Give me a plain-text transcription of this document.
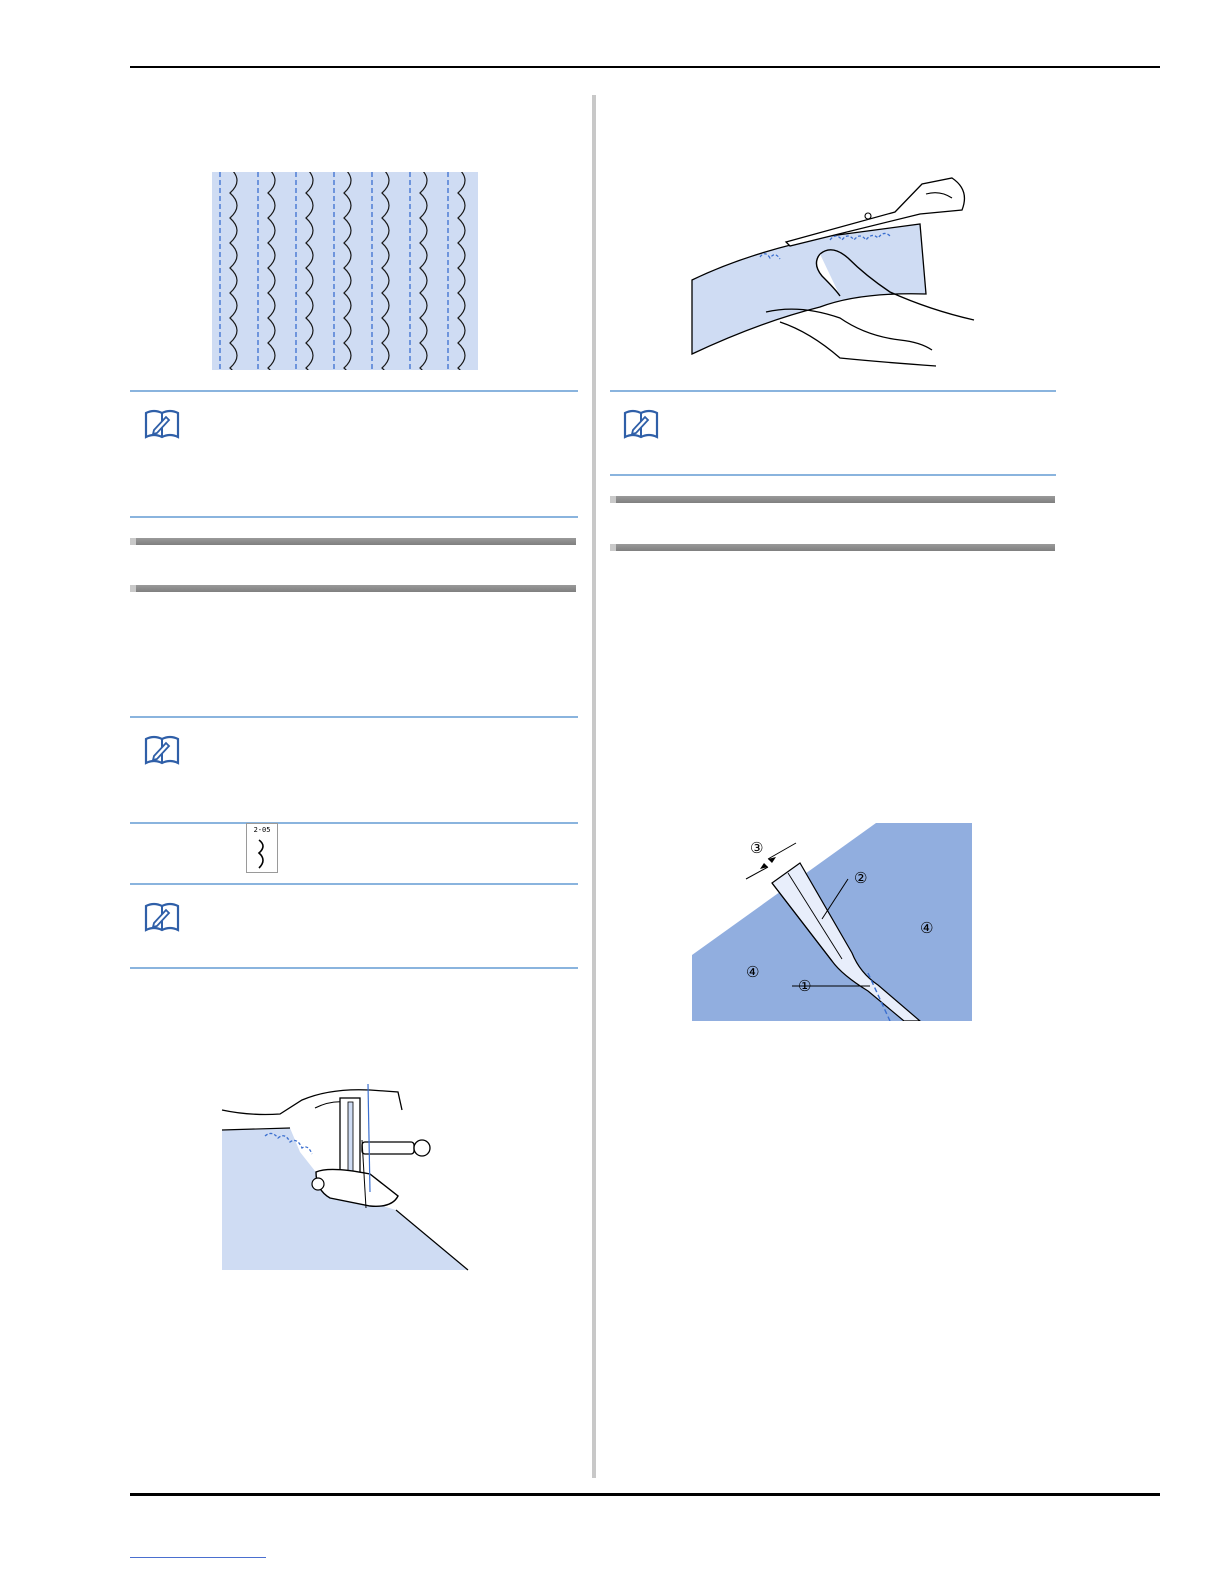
2-05
③
②
④
④
①
